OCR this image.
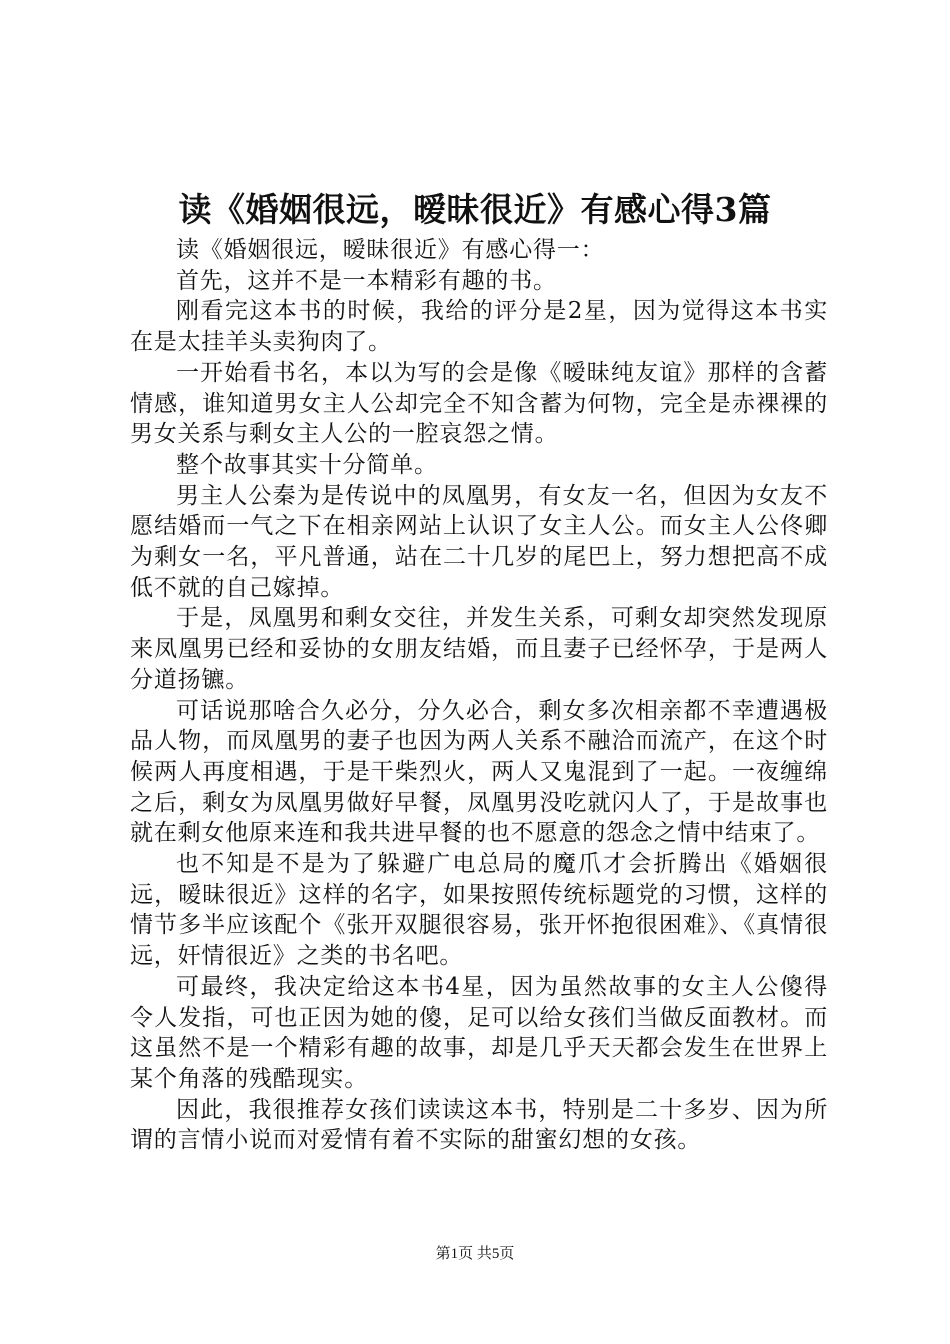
读《婚姻很远，暧昧很近》有感心得3篇

读《婚姻很远，暧昧很近》有感心得一：

首先，这并不是一本精彩有趣的书。

刚看完这本书的时候，我给的评分是2星，因为觉得这本书实在是太挂羊头卖狗肉了。

一开始看书名，本以为写的会是像《暧昧纯友谊》那样的含蓄情感，谁知道男女主人公却完全不知含蓄为何物，完全是赤裸裸的男女关系与剩女主人公的一腔哀怨之情。

整个故事其实十分简单。

男主人公秦为是传说中的凤凰男，有女友一名，但因为女友不愿结婚而一气之下在相亲网站上认识了女主人公。而女主人公佟卿为剩女一名，平凡普通，站在二十几岁的尾巴上，努力想把高不成低不就的自己嫁掉。

于是，凤凰男和剩女交往，并发生关系，可剩女却突然发现原来凤凰男已经和妥协的女朋友结婚，而且妻子已经怀孕，于是两人分道扬镳。

可话说那啥合久必分，分久必合，剩女多次相亲都不幸遭遇极品人物，而凤凰男的妻子也因为两人关系不融洽而流产，在这个时候两人再度相遇，于是干柴烈火，两人又鬼混到了一起。一夜缠绵之后，剩女为凤凰男做好早餐，凤凰男没吃就闪人了，于是故事也就在剩女他原来连和我共进早餐的也不愿意的怨念之情中结束了。

也不知是不是为了躲避广电总局的魔爪才会折腾出《婚姻很远，暧昧很近》这样的名字，如果按照传统标题党的习惯，这样的情节多半应该配个《张开双腿很容易，张开怀抱很困难》、《真情很远，奸情很近》之类的书名吧。

可最终，我决定给这本书4星，因为虽然故事的女主人公傻得令人发指，可也正因为她的傻，足可以给女孩们当做反面教材。而这虽然不是一个精彩有趣的故事，却是几乎天天都会发生在世界上某个角落的残酷现实。

因此，我很推荐女孩们读读这本书，特别是二十多岁、因为所谓的言情小说而对爱情有着不实际的甜蜜幻想的女孩。

第1页 共5页
